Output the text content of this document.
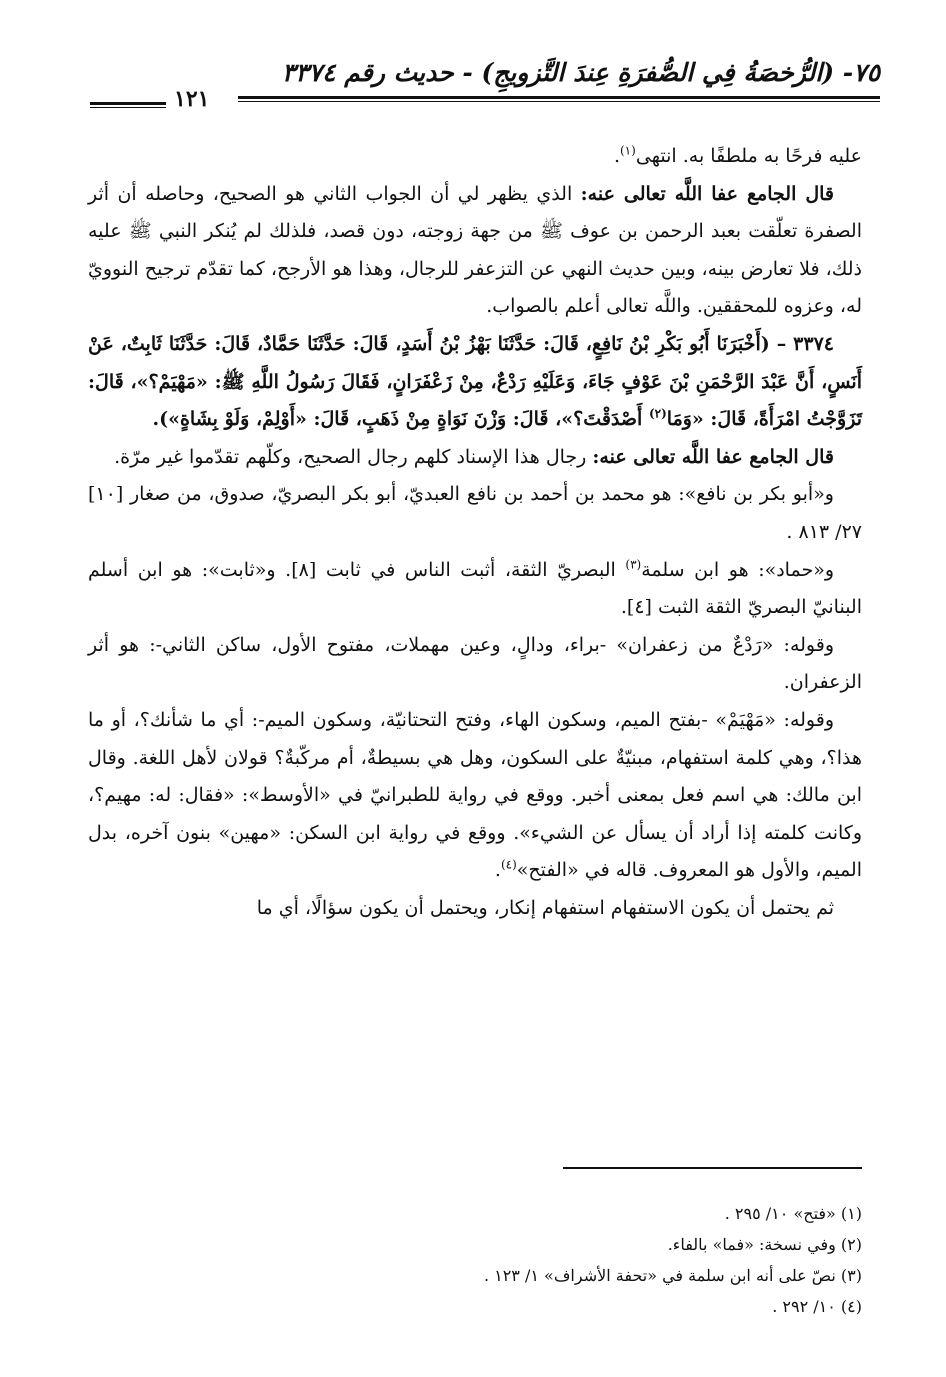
٧٥- (الرُّخصَةُ فِي الصُّفرَةِ عِندَ التَّزويجِ) - حديث رقم ٣٣٧٤
١٢١

عليه فرحًا به ملطفًا به. انتهى$^{(١)}$.

قال الجامع عفا اللَّه تعالى عنه: الذي يظهر لي أن الجواب الثاني هو الصحيح، وحاصله أن أثر الصفرة تعلّقت بعبد الرحمن بن عوف ﷺ من جهة زوجته، دون قصد، فلذلك لم يُنكر النبي ﷺ عليه ذلك، فلا تعارض بينه، وبين حديث النهي عن التزعفر للرجال، وهذا هو الأرجح، كما تقدّم ترجيح النوويّ له، وعزوه للمحققين. واللَّه تعالى أعلم بالصواب.

٣٣٧٤ – (أَخْبَرَنَا أَبُو بَكْرِ بْنُ نَافِعٍ، قَالَ: حَدَّثَنَا بَهْزُ بْنُ أَسَدٍ، قَالَ: حَدَّثَنَا حَمَّادٌ، قَالَ: حَدَّثَنَا ثَابِتٌ، عَنْ أَنَسٍ، أَنَّ عَبْدَ الرَّحْمَنِ بْنَ عَوْفٍ جَاءَ، وَعَلَيْهِ رَدْعٌ، مِنْ زَعْفَرَانٍ، فَقَالَ رَسُولُ اللَّهِ ﷺ: «مَهْيَمْ؟»، قَالَ: تَزَوَّجْتُ امْرَأَةً، قَالَ: «وَمَا$^{(٢)}$ أَصْدَقْتَ؟»، قَالَ: وَزْنَ نَوَاةٍ مِنْ ذَهَبٍ، قَالَ: «أَوْلِمْ، وَلَوْ بِشَاةٍ»).

قال الجامع عفا اللَّه تعالى عنه: رجال هذا الإسناد كلهم رجال الصحيح، وكلّهم تقدّموا غير مرّة.

و«أبو بكر بن نافع»: هو محمد بن أحمد بن نافع العبديّ، أبو بكر البصريّ، صدوق، من صغار [١٠] ٢٧/ ٨١٣ .

و«حماد»: هو ابن سلمة$^{(٣)}$ البصريّ الثقة، أثبت الناس في ثابت [٨]. و«ثابت»: هو ابن أسلم البنانيّ البصريّ الثقة الثبت [٤].

وقوله: «رَدْعٌ من زعفران» -براء، ودالٍ، وعين مهملات، مفتوح الأول، ساكن الثاني-: هو أثر الزعفران.

وقوله: «مَهْيَمْ» -بفتح الميم، وسكون الهاء، وفتح التحتانيّة، وسكون الميم-: أي ما شأنك؟، أو ما هذا؟، وهي كلمة استفهام، مبنيّةٌ على السكون، وهل هي بسيطةٌ، أم مركّبةٌ؟ قولان لأهل اللغة. وقال ابن مالك: هي اسم فعل بمعنى أخبر. ووقع في رواية للطبرانيّ في «الأوسط»: «فقال: له: مهيم؟، وكانت كلمته إذا أراد أن يسأل عن الشيء». ووقع في رواية ابن السكن: «مهين» بنون آخره، بدل الميم، والأول هو المعروف. قاله في «الفتح»$^{(٤)}$.

ثم يحتمل أن يكون الاستفهام استفهام إنكار، ويحتمل أن يكون سؤالًا، أي ما

(١) «فتح» ١٠/ ٢٩٥ .
(٢) وفي نسخة: «فما» بالفاء.
(٣) نصّ على أنه ابن سلمة في «تحفة الأشراف» ١/ ١٢٣ .
(٤) ١٠/ ٢٩٢ .
